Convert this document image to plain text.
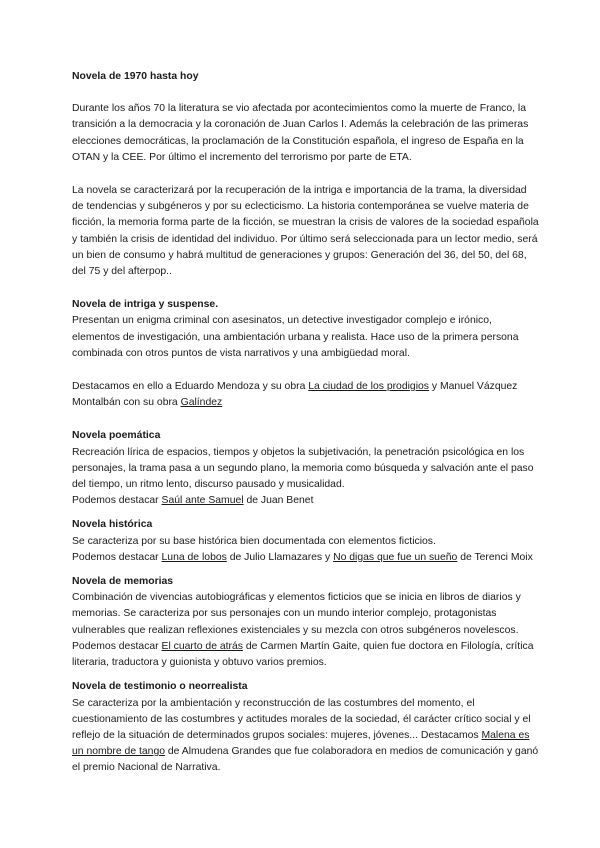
Novela de 1970 hasta hoy

Durante los años 70 la literatura se vio afectada por acontecimientos como la muerte de Franco, la transición a la democracia y la coronación de Juan Carlos I. Además la celebración de las primeras elecciones democráticas, la proclamación de la Constitución española, el ingreso de España en la OTAN y la CEE. Por último el incremento del terrorismo por parte de ETA.

La novela se caracterizará por la recuperación de la intriga e importancia de la trama, la diversidad de tendencias y subgéneros y por su eclecticismo. La historia contemporánea se vuelve materia de ficción, la memoria forma parte de la ficción, se muestran la crisis de valores de la sociedad española y también la crisis de identidad del individuo. Por último será seleccionada para un lector medio, será un bien de consumo y habrá multitud de generaciones y grupos: Generación del 36, del 50, del 68, del 75 y del afterpop..

Novela de intriga y suspense.

Presentan un enigma criminal con asesinatos, un detective investigador complejo e irónico, elementos de investigación, una ambientación urbana y realista. Hace uso de la primera persona combinada con otros puntos de vista narrativos y una ambigüedad moral.

Destacamos en ello a Eduardo Mendoza y su obra La ciudad de los prodigios y Manuel Vázquez Montalbán con su obra Galíndez

Novela poemática

Recreación lírica de espacios, tiempos y objetos la subjetivación, la penetración psicológica en los personajes, la trama pasa a un segundo plano, la memoria como búsqueda y salvación ante el paso del tiempo, un ritmo lento, discurso pausado y musicalidad.

Podemos destacar Saúl ante Samuel de Juan Benet

Novela histórica

Se caracteriza por su base histórica bien documentada con elementos ficticios.

Podemos destacar Luna de lobos de Julio Llamazares y No digas que fue un sueño de Terenci Moix

Novela de memorias

Combinación de vivencias autobiográficas y elementos ficticios que se inicia en libros de diarios y memorias. Se caracteriza por sus personajes con un mundo interior complejo, protagonistas vulnerables que realizan reflexiones existenciales y su mezcla con otros subgéneros novelescos. Podemos destacar El cuarto de atrás de Carmen Martín Gaite, quien fue doctora en Filología, crítica literaria, traductora y guionista y obtuvo varios premios.

Novela de testimonio o neorrealista

Se caracteriza por la ambientación y reconstrucción de las costumbres del momento, el cuestionamiento de las costumbres y actitudes morales de la sociedad, él carácter crítico social y el reflejo de la situación de determinados grupos sociales: mujeres, jóvenes... Destacamos Malena es un nombre de tango de Almudena Grandes que fue colaboradora en medios de comunicación y ganó el premio Nacional de Narrativa.
